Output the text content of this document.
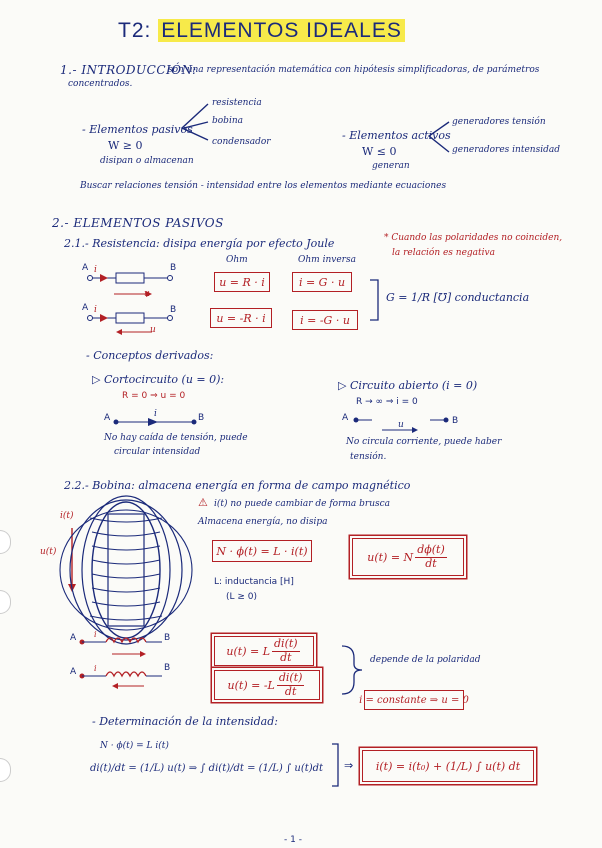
T2: ELEMENTOS IDEALES
1.- INTRODUCCIÓN:
son una representación matemática con hipótesis simplificadoras, de parámetros
concentrados.
- Elementos pasivos
W ≥ 0
disipan o almacenan
resistencia
bobina
condensador	- Elementos activos
W ≤ 0
generan
generadores tensión
generadores intensidad
Buscar relaciones tensión - intensidad entre los elementos mediante ecuaciones
2.- ELEMENTOS PASIVOS
2.1.- Resistencia: disipa energía por efecto Joule	* Cuando las polaridades no coinciden,
la relación es negativa
A	B
i
u
A	B
i
u
Ohm	Ohm inversa
u = R · i	i = G · u
u = -R · i	i = -G · u
G = 1/R [℧] conductancia
- Conceptos derivados:
▷ Cortocircuito (u = 0):
R = 0 ⇒ u = 0
A	i	B
No hay caída de tensión, puede
circular intensidad
▷ Circuito abierto (i = 0)
R → ∞ ⇒ i = 0
A	B
u
No circula corriente, puede haber
tensión.
2.2.- Bobina: almacena energía en forma de campo magnético
⚠ i(t) no puede cambiar de forma brusca
Almacena energía, no disipa
i(t)
u(t)	N · ϕ(t) = L · i(t)	u(t) = N $\frac{d\phi(t)}{dt}$
L: inductancia [H]
(L ≥ 0)
A	B
i
A	B
i
u(t) = L $\frac{di(t)}{dt}$
$u(t) = -L \frac{di(t)}{dt}$
depende de la polaridad
i = constante ⇒ u = 0
- Determinación de la intensidad:
N · ϕ(t) = L i(t)
di(t)/dt = (1/L) u(t) ⇒ ∫ di(t)/dt = (1/L) ∫ u(t)dt ⇒	i(t) = i(t₀) + (1/L) ∫ u(t) dt
- 1 -
